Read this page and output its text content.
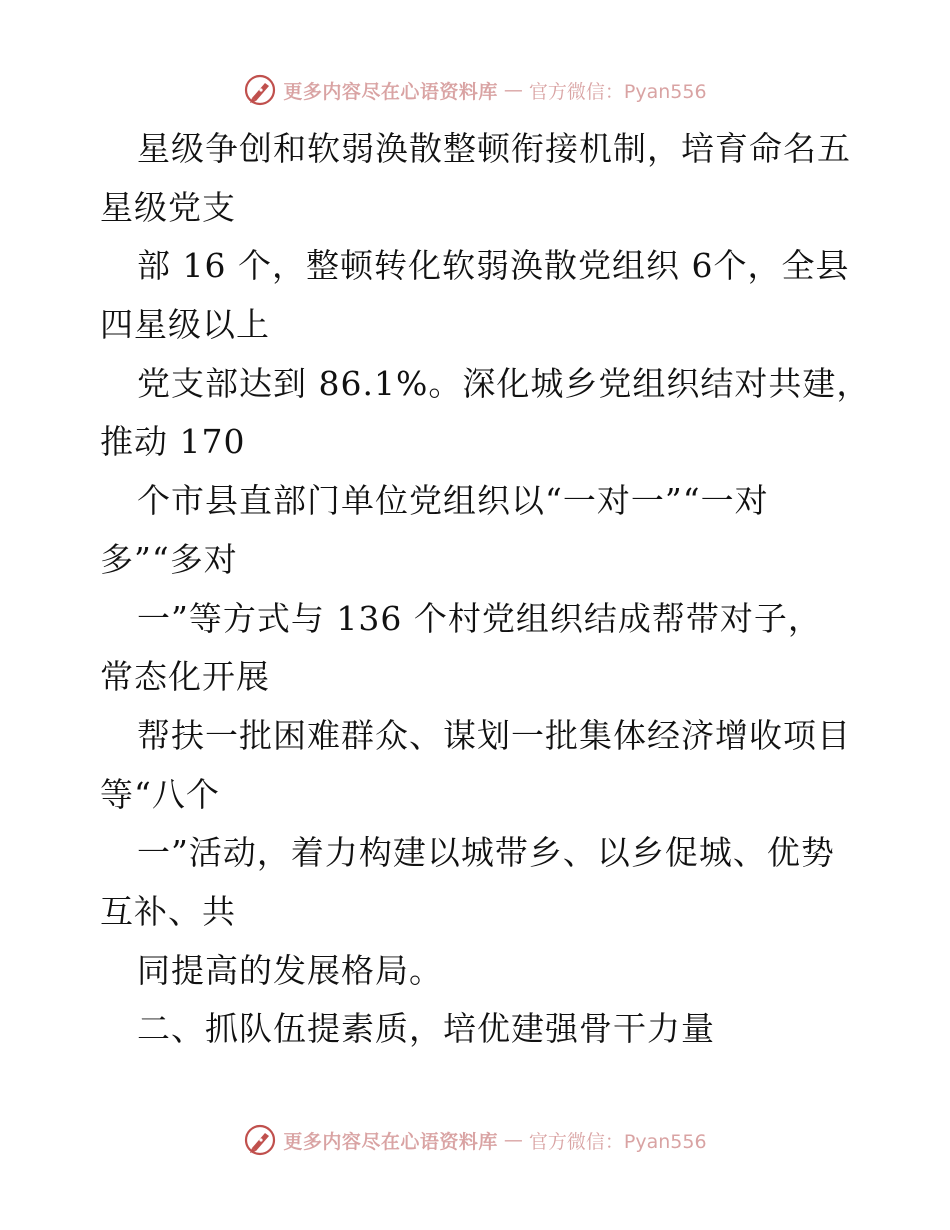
更多内容尽在心语资料库 — 官方微信：Pyan556
星级争创和软弱涣散整顿衔接机制，培育命名五
星级党支
部 16 个，整顿转化软弱涣散党组织 6个，全县
四星级以上
党支部达到 86.1%。深化城乡党组织结对共建，
推动 170
个市县直部门单位党组织以“一对一”“一对
多”“多对
一”等方式与 136 个村党组织结成帮带对子，
常态化开展
帮扶一批困难群众、谋划一批集体经济增收项目
等“八个
一”活动，着力构建以城带乡、以乡促城、优势
互补、共
同提高的发展格局。
二、抓队伍提素质，培优建强骨干力量
更多内容尽在心语资料库 — 官方微信：Pyan556
